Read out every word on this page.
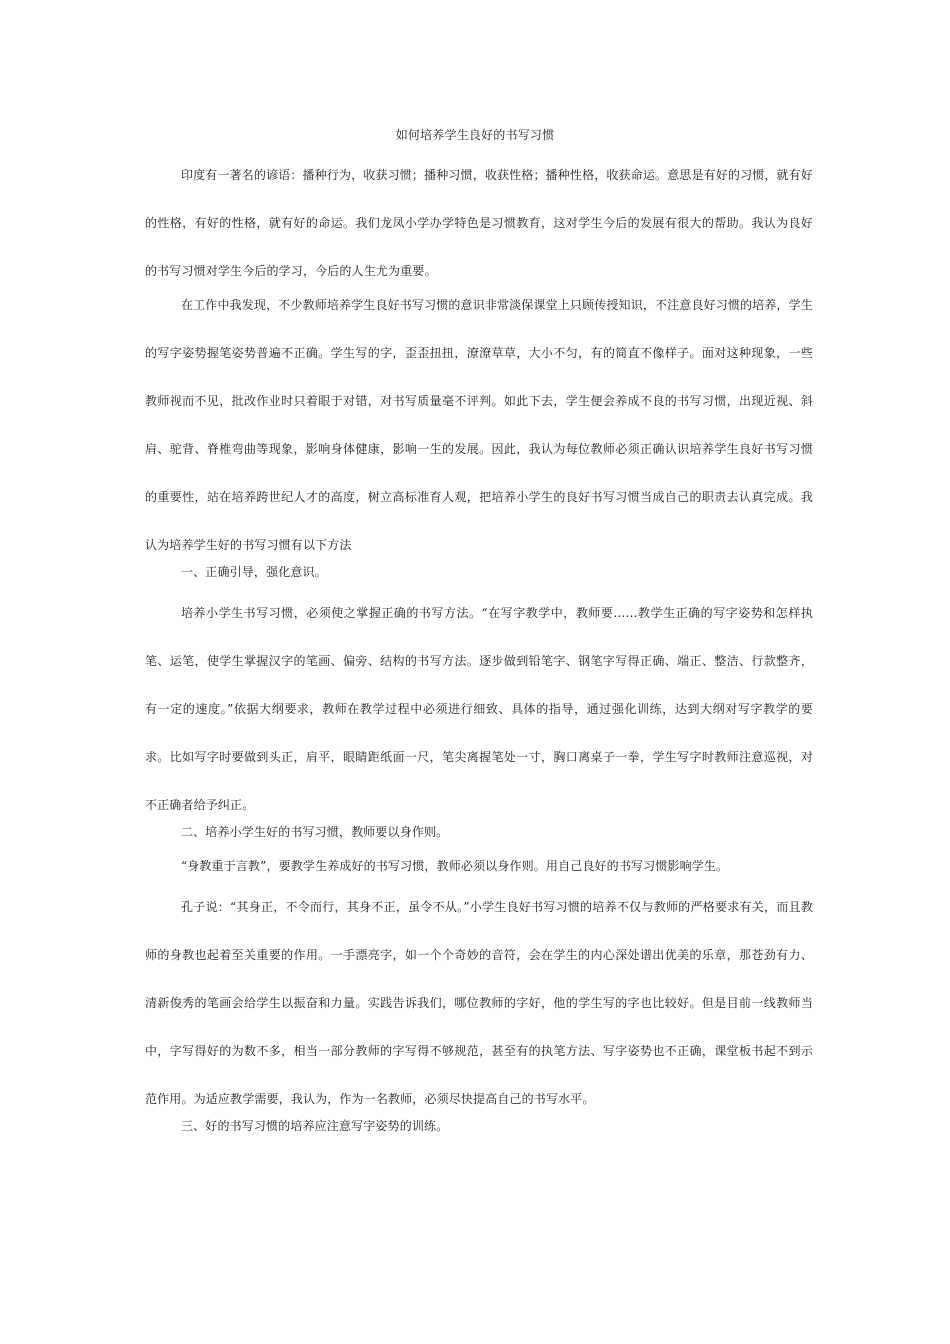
如何培养学生良好的书写习惯

印度有一著名的谚语：播种行为，收获习惯；播种习惯，收获性格；播种性格，收获命运。意思是有好的习惯，就有好的性格，有好的性格，就有好的命运。我们龙凤小学办学特色是习惯教育，这对学生今后的发展有很大的帮助。我认为良好的书写习惯对学生今后的学习，今后的人生尤为重要。

在工作中我发现，不少教师培养学生良好书写习惯的意识非常淡保课堂上只顾传授知识，不注意良好习惯的培养，学生的写字姿势握笔姿势普遍不正确。学生写的字，歪歪扭扭，潦潦草草，大小不匀，有的简直不像样子。面对这种现象，一些教师视而不见，批改作业时只着眼于对错，对书写质量毫不评判。如此下去，学生便会养成不良的书写习惯，出现近视、斜肩、驼背、脊椎弯曲等现象，影响身体健康，影响一生的发展。因此，我认为每位教师必须正确认识培养学生良好书写习惯的重要性，站在培养跨世纪人才的高度，树立高标准育人观，把培养小学生的良好书写习惯当成自己的职责去认真完成。我认为培养学生好的书写习惯有以下方法

一、正确引导，强化意识。

培养小学生书写习惯，必须使之掌握正确的书写方法。“在写字教学中，教师要……教学生正确的写字姿势和怎样执笔、运笔，使学生掌握汉字的笔画、偏旁、结构的书写方法。逐步做到铅笔字、钢笔字写得正确、端正、整洁、行款整齐，有一定的速度。”依据大纲要求，教师在教学过程中必须进行细致、具体的指导，通过强化训练，达到大纲对写字教学的要求。比如写字时要做到头正，肩平，眼睛距纸面一尺，笔尖离握笔处一寸，胸口离桌子一拳，学生写字时教师注意巡视，对不正确者给予纠正。

二、培养小学生好的书写习惯，教师要以身作则。

“身教重于言教”，要教学生养成好的书写习惯，教师必须以身作则。用自己良好的书写习惯影响学生。

孔子说：“其身正，不令而行，其身不正，虽令不从。”小学生良好书写习惯的培养不仅与教师的严格要求有关，而且教师的身教也起着至关重要的作用。一手漂亮字，如一个个奇妙的音符，会在学生的内心深处谱出优美的乐章，那苍劲有力、清新俊秀的笔画会给学生以振奋和力量。实践告诉我们，哪位教师的字好，他的学生写的字也比较好。但是目前一线教师当中，字写得好的为数不多，相当一部分教师的字写得不够规范，甚至有的执笔方法、写字姿势也不正确，课堂板书起不到示范作用。为适应教学需要，我认为，作为一名教师，必须尽快提高自己的书写水平。

三、好的书写习惯的培养应注意写字姿势的训练。
